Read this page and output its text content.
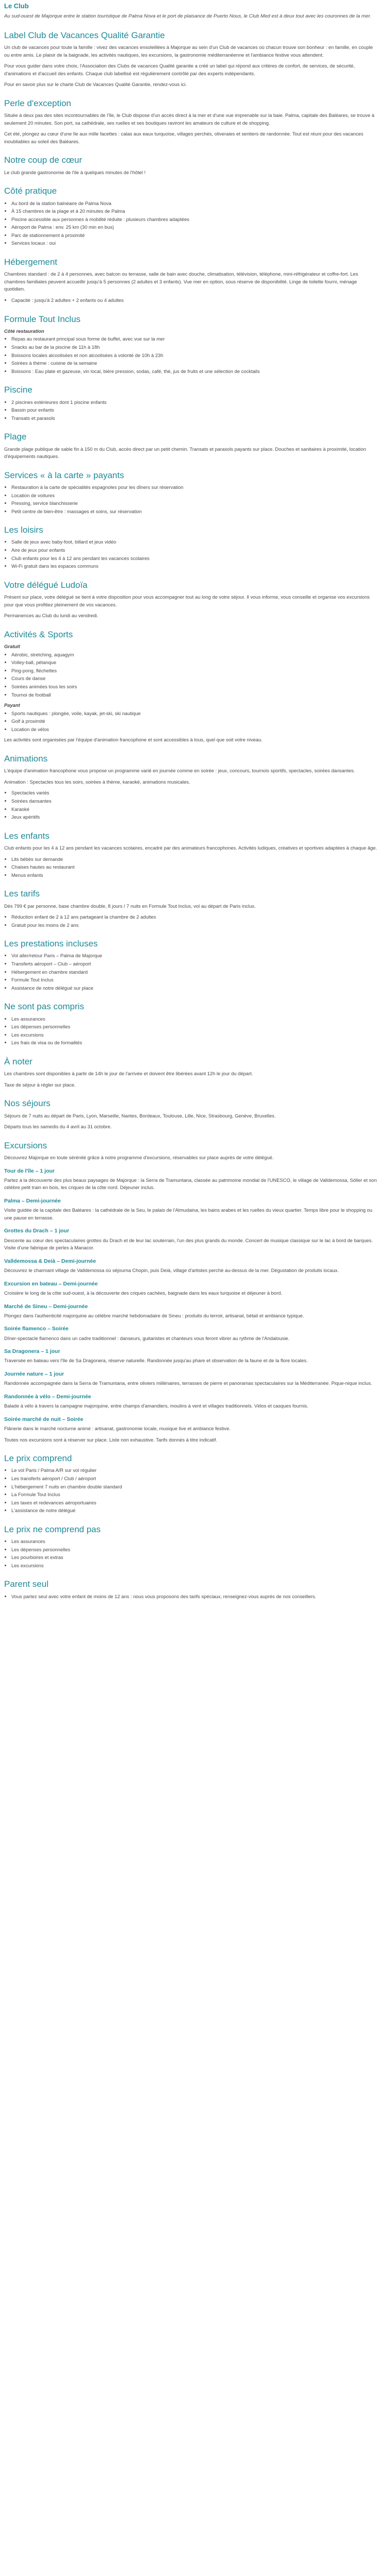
Le Club

Au sud-ouest de Majorque entre le station touristique de Palma Nova et le port de plaisance de Puerto Nous, le Club Med est à deux tout avec les couronnes de la mer.

Label Club de Vacances Qualité Garantie

Un club de vacances pour toute la famille : vivez des vacances ensoleillées à Majorque au sein d'un Club de vacances où chacun trouve son bonheur : en famille, en couple ou entre amis. Le plaisir de la baignade, les activités nautiques, les excursions, la gastronomie méditerranéenne et l'ambiance festive vous attendent.

Pour vous guider dans votre choix, l'Association des Clubs de vacances Qualité garantie a créé un label qui répond aux critères de confort, de services, de sécurité, d'animations et d'accueil des enfants. Chaque club labellisé est régulièrement contrôlé par des experts indépendants.

Pour en savoir plus sur le charte Club de Vacances Qualité Garantie, rendez-vous ici.

Perle d'exception

Située à deux pas des sites incontournables de l'île, le Club dispose d'un accès direct à la mer et d'une vue imprenable sur la baie. Palma, capitale des Baléares, se trouve à seulement 20 minutes. Son port, sa cathédrale, ses ruelles et ses boutiques raviront les amateurs de culture et de shopping.

Cet été, plongez au cœur d'une île aux mille facettes : calas aux eaux turquoise, villages perchés, oliveraies et sentiers de randonnée. Tout est réuni pour des vacances inoubliables au soleil des Baléares.

Notre coup de cœur

Le club grande gastronomie de l'ile à quelques minutes de l'hôtel !

Côté pratique
• Au bord de la station balnéaire de Palma Nova
• À 15 chambres de la plage et à 20 minutes de Palma
• Piscine accessible aux personnes à mobilité réduite : plusieurs chambres adaptées
• Aéroport de Palma : env. 25 km (30 min en bus)
• Parc de stationnement à proximité
• Services locaux : oui
Hébergement

Chambres standard : de 2 à 4 personnes, avec balcon ou terrasse, salle de bain avec douche, climatisation, télévision, téléphone, mini-réfrigérateur et coffre-fort. Les chambres familiales peuvent accueillir jusqu'à 5 personnes (2 adultes et 3 enfants). Vue mer en option, sous réserve de disponibilité. Linge de toilette fourni, ménage quotidien.

• Capacité : jusqu'à 2 adultes + 2 enfants ou 4 adultes
Formule Tout Inclus
Côté restauration
• Repas au restaurant principal sous forme de buffet, avec vue sur la mer
• Snacks au bar de la piscine de 11h à 18h
• Boissons locales alcoolisées et non alcoolisées à volonté de 10h à 23h
• Soirées à thème : cuisine de la semaine
• Boissons : Eau plate et gazeuse, vin local, bière pression, sodas, café, thé, jus de fruits et une sélection de cocktails
Piscine
• 2 piscines extérieures dont 1 piscine enfants
• Bassin pour enfants
• Transats et parasols
Plage

Grande plage publique de sable fin à 150 m du Club, accès direct par un petit chemin. Transats et parasols payants sur place. Douches et sanitaires à proximité, location d'équipements nautiques.

Services « à la carte » payants
• Restauration à la carte de spécialités espagnoles pour les dîners sur réservation
• Location de voitures
• Pressing, service blanchisserie
• Petit centre de bien-être : massages et soins, sur réservation
Les loisirs
• Salle de jeux avec baby-foot, billard et jeux vidéo
• Aire de jeux pour enfants
• Club enfants pour les 4 à 12 ans pendant les vacances scolaires
• Wi-Fi gratuit dans les espaces communs
Votre délégué Ludoïa

Présent sur place, votre délégué se tient à votre disposition pour vous accompagner tout au long de votre séjour. Il vous informe, vous conseille et organise vos excursions pour que vous profitiez pleinement de vos vacances.

Permanences au Club du lundi au vendredi.

Activités & Sports
Gratuit
• Aérobic, stretching, aquagym
• Volley-ball, pétanque
• Ping-pong, fléchettes
• Cours de danse
• Soirées animées tous les soirs
• Tournoi de football
Payant
• Sports nautiques : plongée, voile, kayak, jet-ski, ski nautique
• Golf à proximité
• Location de vélos

Les activités sont organisées par l'équipe d'animation francophone et sont accessibles à tous, quel que soit votre niveau.

Animations

L'équipe d'animation francophone vous propose un programme varié en journée comme en soirée : jeux, concours, tournois sportifs, spectacles, soirées dansantes.

Animation : Spectacles tous les soirs, soirées à thème, karaoké, animations musicales.

• Spectacles variés
• Soirées dansantes
• Karaoké
• Jeux apéritifs
Les enfants

Club enfants pour les 4 à 12 ans pendant les vacances scolaires, encadré par des animateurs francophones. Activités ludiques, créatives et sportives adaptées à chaque âge.

• Lits bébés sur demande
• Chaises hautes au restaurant
• Menus enfants
Les tarifs

Dès 799 € par personne, base chambre double, 8 jours / 7 nuits en Formule Tout Inclus, vol au départ de Paris inclus.

• Réduction enfant de 2 à 12 ans partageant la chambre de 2 adultes
• Gratuit pour les moins de 2 ans
Les prestations incluses
• Vol aller/retour Paris – Palma de Majorque
• Transferts aéroport – Club – aéroport
• Hébergement en chambre standard
• Formule Tout Inclus
• Assistance de notre délégué sur place
Ne sont pas compris
• Les assurances
• Les dépenses personnelles
• Les excursions
• Les frais de visa ou de formalités
À noter

Les chambres sont disponibles à partir de 14h le jour de l'arrivée et doivent être libérées avant 12h le jour du départ.

Taxe de séjour à régler sur place.

Nos séjours

Séjours de 7 nuits au départ de Paris, Lyon, Marseille, Nantes, Bordeaux, Toulouse, Lille, Nice, Strasbourg, Genève, Bruxelles.

Départs tous les samedis du 4 avril au 31 octobre.

Excursions

Découvrez Majorque en toute sérénité grâce à notre programme d'excursions, réservables sur place auprès de votre délégué.

Tour de l'île – 1 jour

Partez à la découverte des plus beaux paysages de Majorque : la Serra de Tramuntana, classée au patrimoine mondial de l'UNESCO, le village de Valldemossa, Sóller et son célèbre petit train en bois, les criques de la côte nord. Déjeuner inclus.

Palma – Demi-journée

Visite guidée de la capitale des Baléares : la cathédrale de la Seu, le palais de l'Almudaina, les bains arabes et les ruelles du vieux quartier. Temps libre pour le shopping ou une pause en terrasse.

Grottes du Drach – 1 jour

Descente au cœur des spectaculaires grottes du Drach et de leur lac souterrain, l'un des plus grands du monde. Concert de musique classique sur le lac à bord de barques. Visite d'une fabrique de perles à Manacor.

Valldemossa & Deià – Demi-journée

Découvrez le charmant village de Valldemossa où séjourna Chopin, puis Deià, village d'artistes perché au-dessus de la mer. Dégustation de produits locaux.

Excursion en bateau – Demi-journée

Croisière le long de la côte sud-ouest, à la découverte des criques cachées, baignade dans les eaux turquoise et déjeuner à bord.

Marché de Sineu – Demi-journée

Plongez dans l'authenticité majorquine au célèbre marché hebdomadaire de Sineu : produits du terroir, artisanat, bétail et ambiance typique.

Soirée flamenco – Soirée

Dîner-spectacle flamenco dans un cadre traditionnel : danseurs, guitaristes et chanteurs vous feront vibrer au rythme de l'Andalousie.

Sa Dragonera – 1 jour

Traversée en bateau vers l'île de Sa Dragonera, réserve naturelle. Randonnée jusqu'au phare et observation de la faune et de la flore locales.

Journée nature – 1 jour

Randonnée accompagnée dans la Serra de Tramuntana, entre oliviers millénaires, terrasses de pierre et panoramas spectaculaires sur la Méditerranée. Pique-nique inclus.

Randonnée à vélo – Demi-journée

Balade à vélo à travers la campagne majorquine, entre champs d'amandiers, moulins à vent et villages traditionnels. Vélos et casques fournis.

Soirée marché de nuit – Soirée

Flânerie dans le marché nocturne animé : artisanat, gastronomie locale, musique live et ambiance festive.

Toutes nos excursions sont à réserver sur place. Liste non exhaustive. Tarifs donnés à titre indicatif.

Le prix comprend
• Le vol Paris / Palma A/R sur vol régulier
• Les transferts aéroport / Club / aéroport
• L'hébergement 7 nuits en chambre double standard
• La Formule Tout Inclus
• Les taxes et redevances aéroportuaires
• L'assistance de notre délégué
Le prix ne comprend pas
• Les assurances
• Les dépenses personnelles
• Les pourboires et extras
• Les excursions
Parent seul
• Vous partez seul avec votre enfant de moins de 12 ans : nous vous proposons des tarifs spéciaux, renseignez-vous auprès de nos conseillers.
